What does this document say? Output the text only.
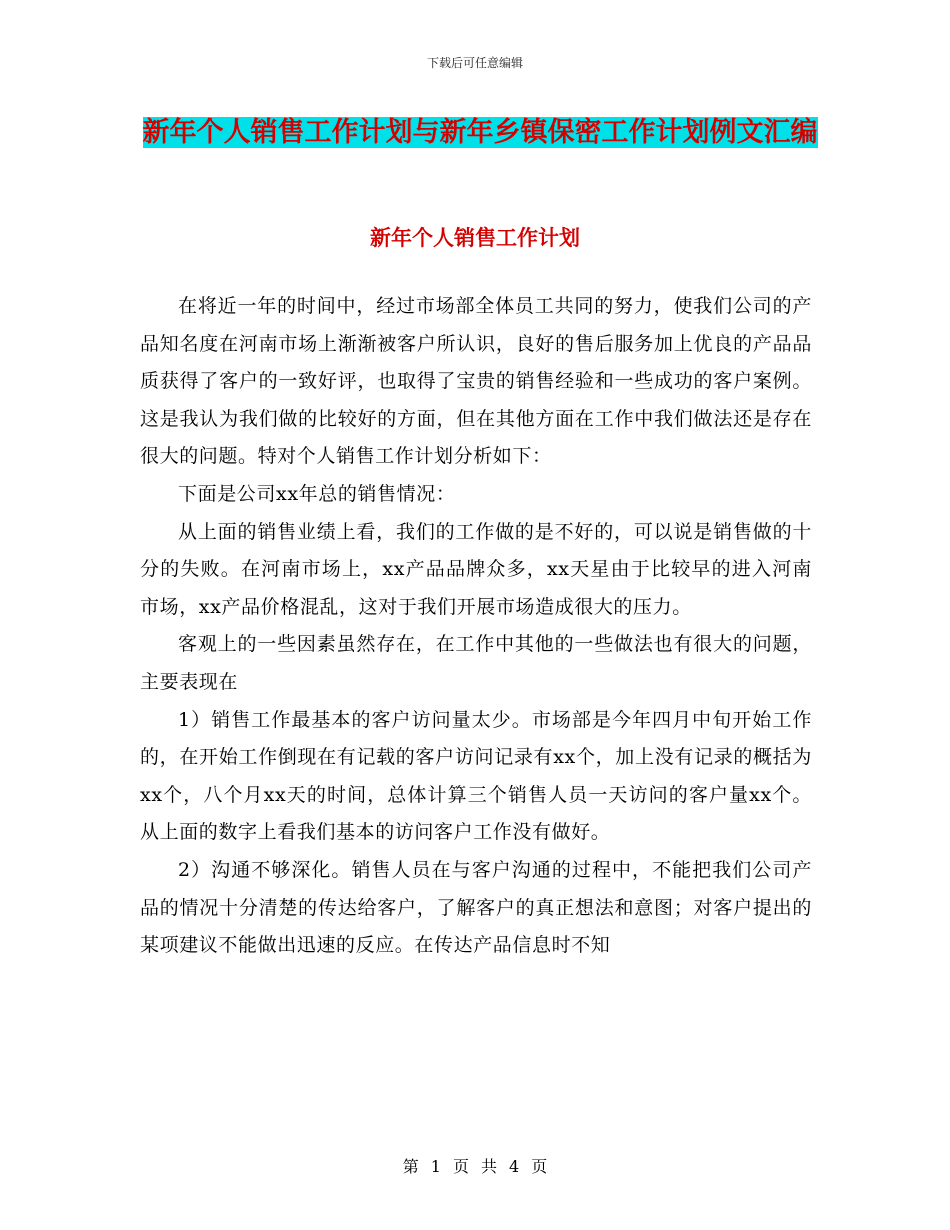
下载后可任意编辑
新年个人销售工作计划与新年乡镇保密工作计划例文汇编
新年个人销售工作计划

在将近一年的时间中，经过市场部全体员工共同的努力，使我们公司的产品知名度在河南市场上渐渐被客户所认识，良好的售后服务加上优良的产品品质获得了客户的一致好评，也取得了宝贵的销售经验和一些成功的客户案例。这是我认为我们做的比较好的方面，但在其他方面在工作中我们做法还是存在很大的问题。特对个人销售工作计划分析如下：

下面是公司xx年总的销售情况：

从上面的销售业绩上看，我们的工作做的是不好的，可以说是销售做的十分的失败。在河南市场上，xx产品品牌众多，xx天星由于比较早的进入河南市场，xx产品价格混乱，这对于我们开展市场造成很大的压力。

客观上的一些因素虽然存在，在工作中其他的一些做法也有很大的问题，主要表现在

1）销售工作最基本的客户访问量太少。市场部是今年四月中旬开始工作的，在开始工作倒现在有记载的客户访问记录有xx个，加上没有记录的概括为xx个，八个月xx天的时间，总体计算三个销售人员一天访问的客户量xx个。从上面的数字上看我们基本的访问客户工作没有做好。

2）沟通不够深化。销售人员在与客户沟通的过程中，不能把我们公司产品的情况十分清楚的传达给客户，了解客户的真正想法和意图；对客户提出的某项建议不能做出迅速的反应。在传达产品信息时不知

第 1 页 共 4 页
